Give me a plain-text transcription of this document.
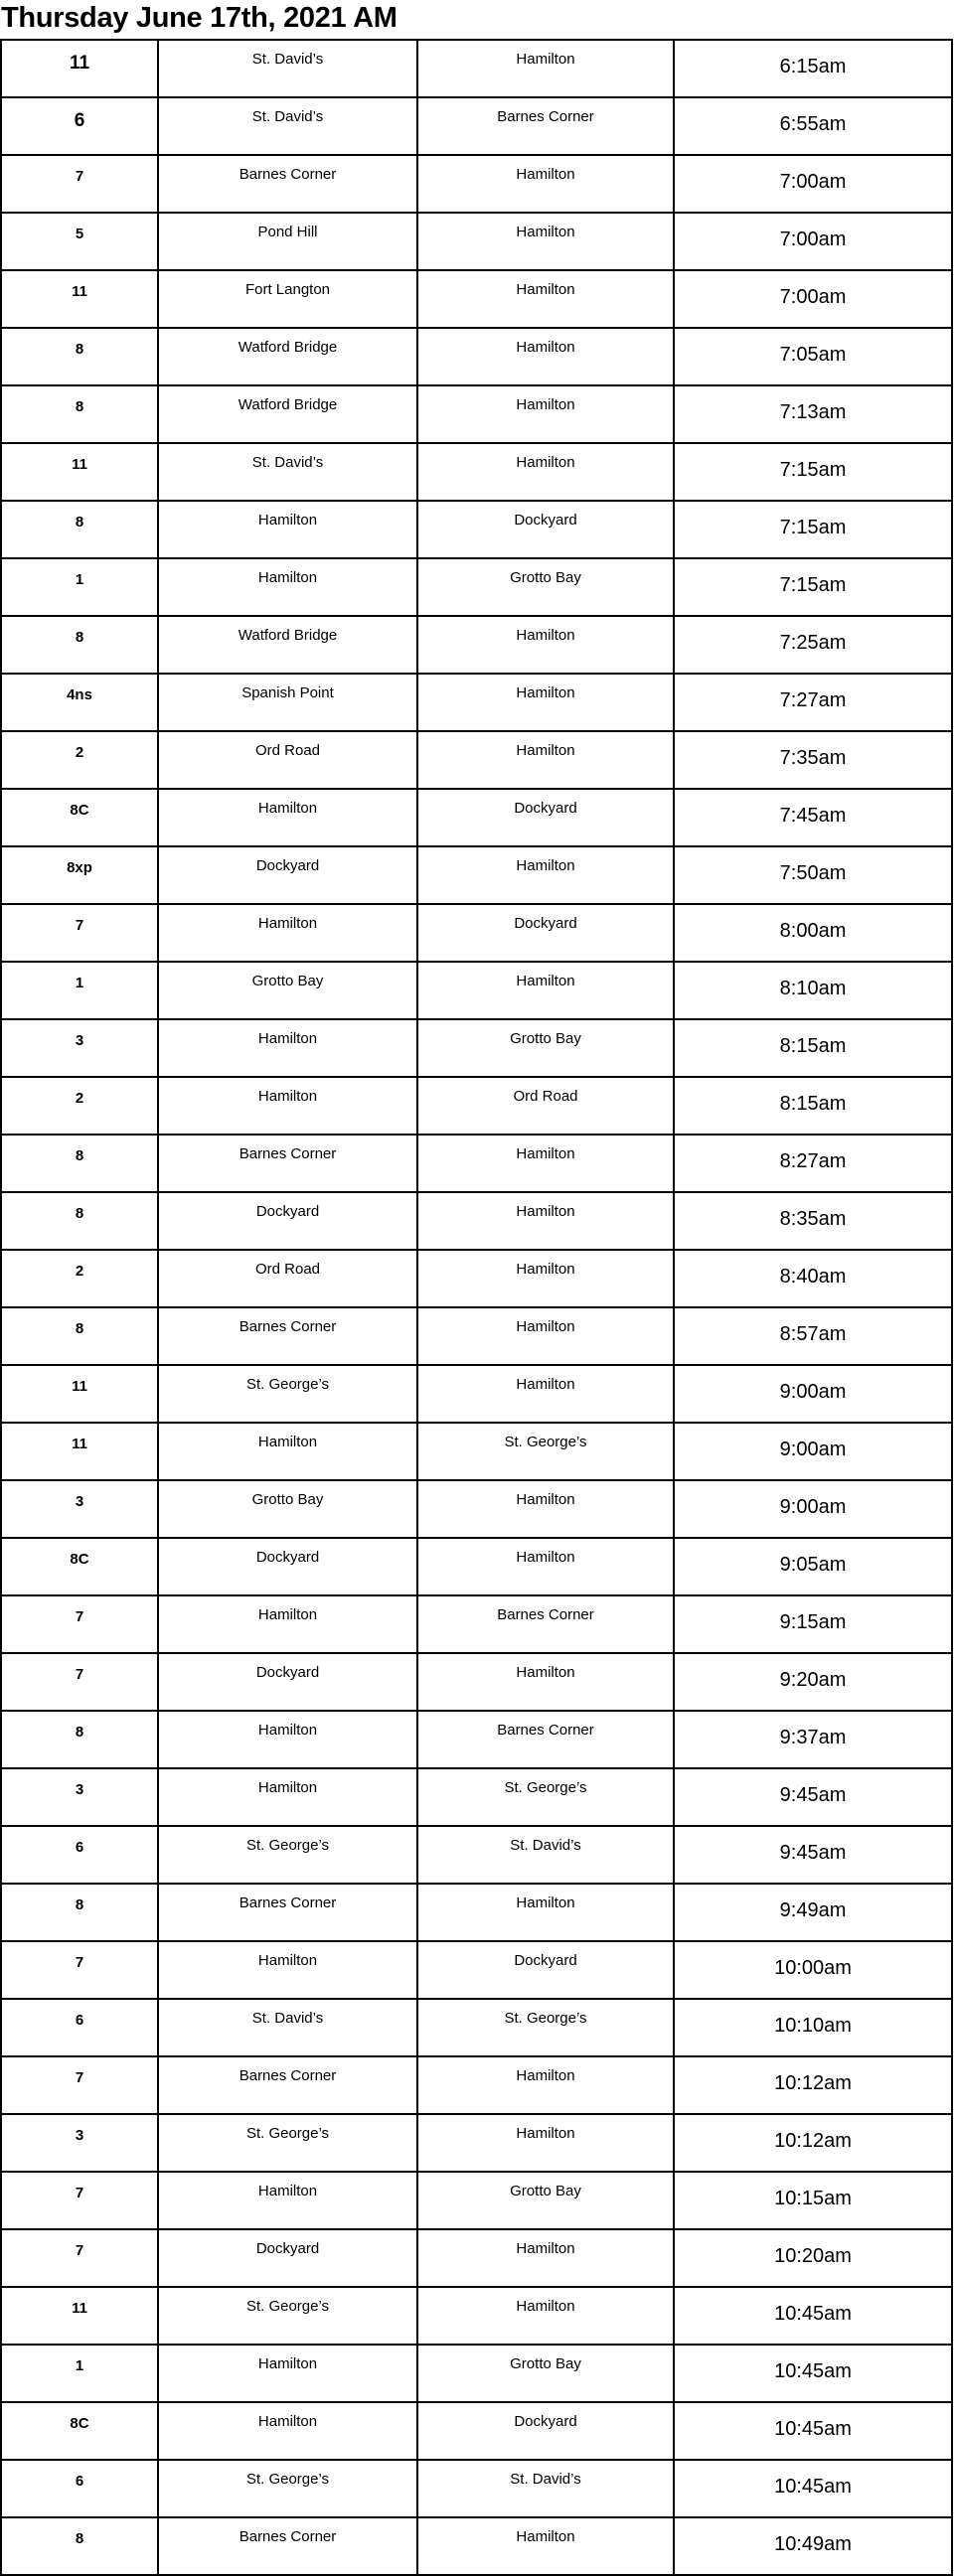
Thursday June 17th, 2021 AM
11	St. David’s	Hamilton	6:15am
6	St. David’s	Barnes Corner	6:55am
7	Barnes Corner	Hamilton	7:00am
5	Pond Hill	Hamilton	7:00am
11	Fort Langton	Hamilton	7:00am
8	Watford Bridge	Hamilton	7:05am
8	Watford Bridge	Hamilton	7:13am
11	St. David’s	Hamilton	7:15am
8	Hamilton	Dockyard	7:15am
1	Hamilton	Grotto Bay	7:15am
8	Watford Bridge	Hamilton	7:25am
4ns	Spanish Point	Hamilton	7:27am
2	Ord Road	Hamilton	7:35am
8C	Hamilton	Dockyard	7:45am
8xp	Dockyard	Hamilton	7:50am
7	Hamilton	Dockyard	8:00am
1	Grotto Bay	Hamilton	8:10am
3	Hamilton	Grotto Bay	8:15am
2	Hamilton	Ord Road	8:15am
8	Barnes Corner	Hamilton	8:27am
8	Dockyard	Hamilton	8:35am
2	Ord Road	Hamilton	8:40am
8	Barnes Corner	Hamilton	8:57am
11	St. George’s	Hamilton	9:00am
11	Hamilton	St. George’s	9:00am
3	Grotto Bay	Hamilton	9:00am
8C	Dockyard	Hamilton	9:05am
7	Hamilton	Barnes Corner	9:15am
7	Dockyard	Hamilton	9:20am
8	Hamilton	Barnes Corner	9:37am
3	Hamilton	St. George’s	9:45am
6	St. George’s	St. David’s	9:45am
8	Barnes Corner	Hamilton	9:49am
7	Hamilton	Dockyard	10:00am
6	St. David’s	St. George’s	10:10am
7	Barnes Corner	Hamilton	10:12am
3	St. George’s	Hamilton	10:12am
7	Hamilton	Grotto Bay	10:15am
7	Dockyard	Hamilton	10:20am
11	St. George’s	Hamilton	10:45am
1	Hamilton	Grotto Bay	10:45am
8C	Hamilton	Dockyard	10:45am
6	St. George’s	St. David’s	10:45am
8	Barnes Corner	Hamilton	10:49am
